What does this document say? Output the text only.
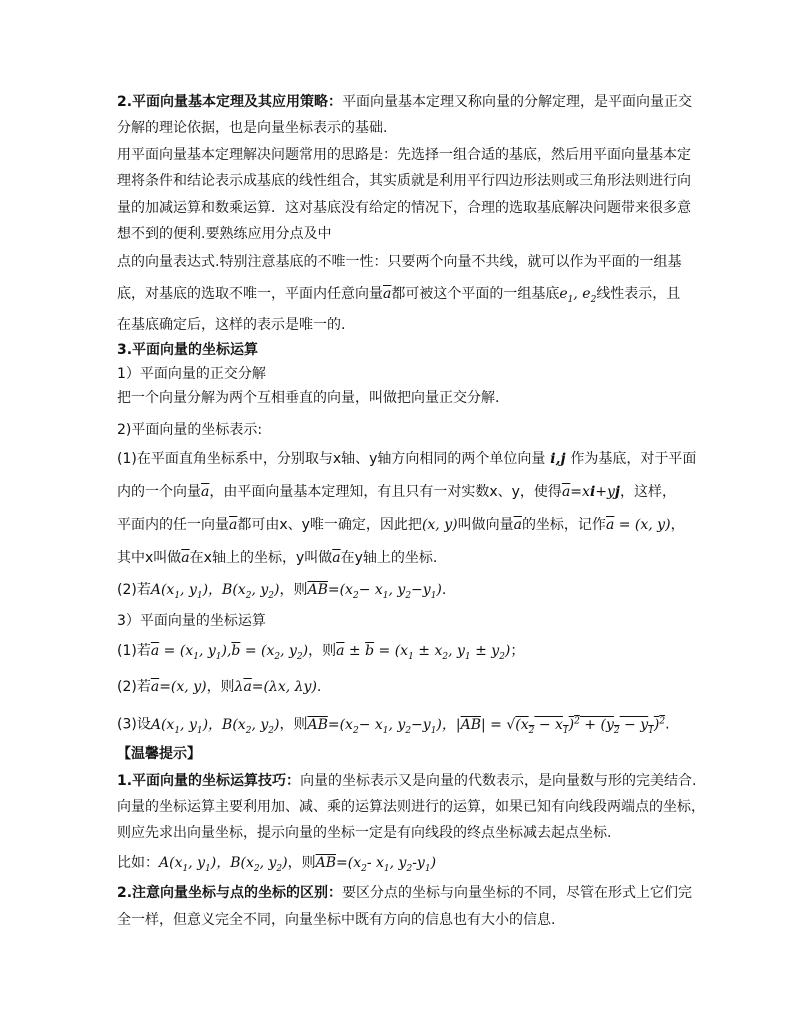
2.平面向量基本定理及其应用策略：平面向量基本定理又称向量的分解定理，是平面向量正交
分解的理论依据，也是向量坐标表示的基础.
用平面向量基本定理解决问题常用的思路是：先选择一组合适的基底，然后用平面向量基本定
理将条件和结论表示成基底的线性组合，其实质就是利用平行四边形法则或三角形法则进行向
量的加减运算和数乘运算．这对基底没有给定的情况下，合理的选取基底解决问题带来很多意
想不到的便利.要熟练应用分点及中
点的向量表达式.特别注意基底的不唯一性：只要两个向量不共线，就可以作为平面的一组基
底，对基底的选取不唯一，平面内任意向量$\overline{a}$都可被这个平面的一组基底$e_1$, $e_2$线性表示，且
在基底确定后，这样的表示是唯一的.
3.平面向量的坐标运算
1）平面向量的正交分解
把一个向量分解为两个互相垂直的向量，叫做把向量正交分解.
2)平面向量的坐标表示:
(1)在平面直角坐标系中，分别取与x轴、y轴方向相同的两个单位向量 i,j 作为基底，对于平面
内的一个向量$\overline{a}$，由平面向量基本定理知，有且只有一对实数x、y，使得$\overline{a}=xi+yj$，这样，
平面内的任一向量$\overline{a}$都可由x、y唯一确定，因此把(x, y)叫做向量$\overline{a}$的坐标，记作$\overline{a} = (x$, y)，
其中x叫做$\overline{a}$在x轴上的坐标，y叫做$\overline{a}$在y轴上的坐标.
(2)若$A(x_1$, $y_1$)，$B(x_2$, $y_2$)，则$\overline{AB}=(x_2- x_1$, $y_2-y_1$).
3）平面向量的坐标运算
(1)若$\overline{a} = (x_1$, $y_1),\overline{b} = (x_2$, $y_2$)，则$\overline{a} \pm \overline{b} = (x_1 \pm x_2$, $y_1 \pm y_2$)；
(2)若$\overline{a}=(x$, y)，则$\lambda\overline{a}=(\lambda x$, λy).
(3)设$A(x_1$, $y_1$)，$B(x_2$, $y_2$)，则$\overline{AB}=(x_2- x_1$, $y_2-y_1$)，$|\overline{AB}| = √(x_2 - x_1)^2 + (y_2 - y_1)^2$.
【温馨提示】
1.平面向量的坐标运算技巧：向量的坐标表示又是向量的代数表示，是向量数与形的完美结合.
向量的坐标运算主要利用加、减、乘的运算法则进行的运算，如果已知有向线段两端点的坐标，
则应先求出向量坐标，提示向量的坐标一定是有向线段的终点坐标减去起点坐标.
比如：$A(x_1$, $y_1$)，$B(x_2$, $y_2$)，则$\overline{AB}=(x_2-$ $x_1$, $y_2-y_1$)
2.注意向量坐标与点的坐标的区别：要区分点的坐标与向量坐标的不同，尽管在形式上它们完
全一样，但意义完全不同，向量坐标中既有方向的信息也有大小的信息.
